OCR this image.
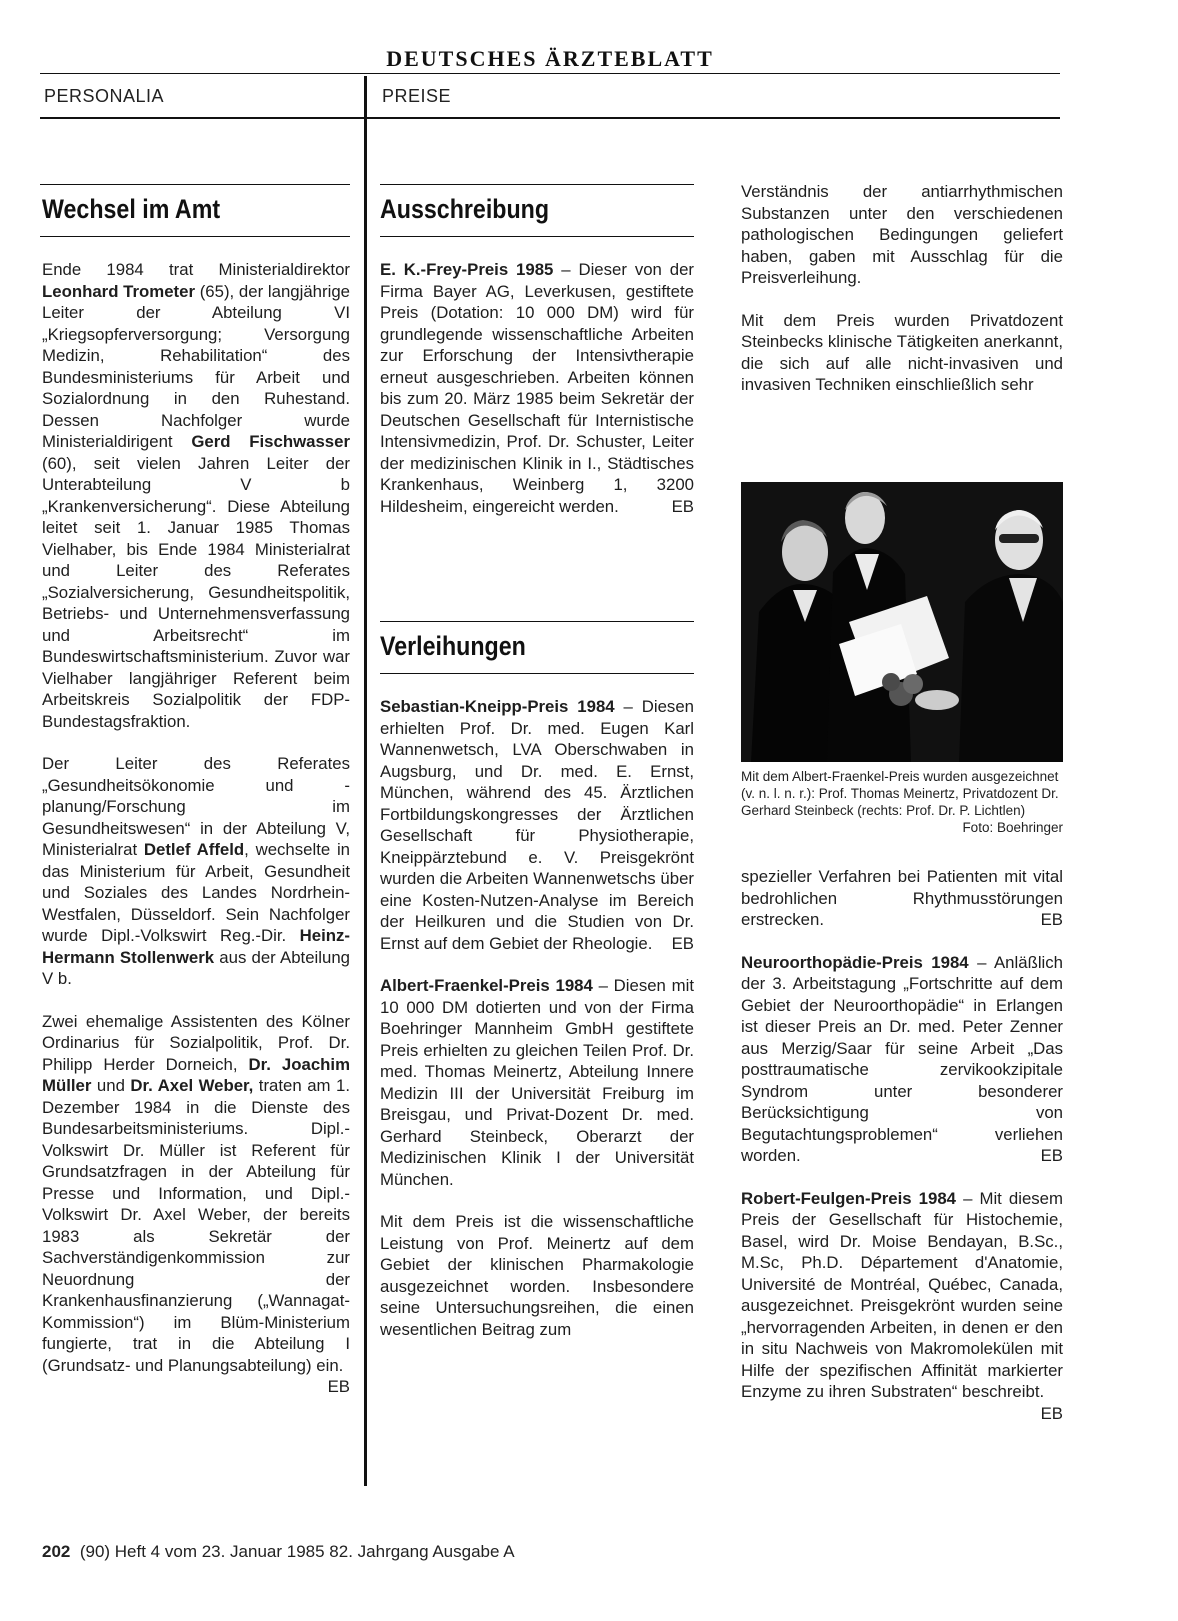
DEUTSCHES ÄRZTEBLATT
PERSONALIA	PREISE
Wechsel im Amt

Ende 1984 trat Ministerialdirektor Leonhard Trometer (65), der langjährige Leiter der Abteilung VI „Kriegsopferversorgung; Versorgung Medizin, Rehabilitation“ des Bundesministeriums für Arbeit und Sozialordnung in den Ruhestand. Dessen Nachfolger wurde Ministerialdirigent Gerd Fischwasser (60), seit vielen Jahren Leiter der Unterabteilung V b „Krankenversicherung“. Diese Abteilung leitet seit 1. Januar 1985 Thomas Vielhaber, bis Ende 1984 Ministerialrat und Leiter des Referates „Sozialversicherung, Gesundheitspolitik, Betriebs- und Unternehmensverfassung und Arbeitsrecht“ im Bundeswirtschaftsministerium. Zuvor war Vielhaber langjähriger Referent beim Arbeitskreis Sozialpolitik der FDP-Bundestagsfraktion.

Der Leiter des Referates „Gesundheitsökonomie und -planung/Forschung im Gesundheitswesen“ in der Abteilung V, Ministerialrat Detlef Affeld, wechselte in das Ministerium für Arbeit, Gesundheit und Soziales des Landes Nordrhein-Westfalen, Düsseldorf. Sein Nachfolger wurde Dipl.-Volkswirt Reg.-Dir. Heinz-Hermann Stollenwerk aus der Abteilung V b.

Zwei ehemalige Assistenten des Kölner Ordinarius für Sozialpolitik, Prof. Dr. Philipp Herder Dorneich, Dr. Joachim Müller und Dr. Axel Weber, traten am 1. Dezember 1984 in die Dienste des Bundesarbeitsministeriums. Dipl.-Volkswirt Dr. Müller ist Referent für Grundsatzfragen in der Abteilung für Presse und Information, und Dipl.-Volkswirt Dr. Axel Weber, der bereits 1983 als Sekretär der Sachverständigenkommission zur Neuordnung der Krankenhausfinanzierung („Wannagat-Kommission“) im Blüm-Ministerium fungierte, trat in die Abteilung I (Grundsatz- und Planungsabteilung) ein.
EB

Ausschreibung

E. K.-Frey-Preis 1985 – Dieser von der Firma Bayer AG, Leverkusen, gestiftete Preis (Dotation: 10 000 DM) wird für grundlegende wissenschaftliche Arbeiten zur Erforschung der Intensivtherapie erneut ausgeschrieben. Arbeiten können bis zum 20. März 1985 beim Sekretär der Deutschen Gesellschaft für Internistische Intensivmedizin, Prof. Dr. Schuster, Leiter der medizinischen Klinik in I., Städtisches Krankenhaus, Weinberg 1, 3200 Hildesheim, eingereicht werden.	EB

Verleihungen

Sebastian-Kneipp-Preis 1984 – Diesen erhielten Prof. Dr. med. Eugen Karl Wannenwetsch, LVA Oberschwaben in Augsburg, und Dr. med. E. Ernst, München, während des 45. Ärztlichen Fortbildungskongresses der Ärztlichen Gesellschaft für Physiotherapie, Kneippärztebund e. V. Preisgekrönt wurden die Arbeiten Wannenwetschs über eine Kosten-Nutzen-Analyse im Bereich der Heilkuren und die Studien von Dr. Ernst auf dem Gebiet der Rheologie. EB

Albert-Fraenkel-Preis 1984 – Diesen mit 10 000 DM dotierten und von der Firma Boehringer Mannheim GmbH gestiftete Preis erhielten zu gleichen Teilen Prof. Dr. med. Thomas Meinertz, Abteilung Innere Medizin III der Universität Freiburg im Breisgau, und Privat-Dozent Dr. med. Gerhard Steinbeck, Oberarzt der Medizinischen Klinik I der Universität München.

Mit dem Preis ist die wissenschaftliche Leistung von Prof. Meinertz auf dem Gebiet der klinischen Pharmakologie ausgezeichnet worden. Insbesondere seine Untersuchungsreihen, die einen wesentlichen Beitrag zum

Verständnis der antiarrhythmischen Substanzen unter den verschiedenen pathologischen Bedingungen geliefert haben, gaben mit Ausschlag für die Preisverleihung.

Mit dem Preis wurden Privatdozent Steinbecks klinische Tätigkeiten anerkannt, die sich auf alle nicht-invasiven und invasiven Techniken einschließlich sehr

Mit dem Albert-Fraenkel-Preis wurden ausgezeichnet (v. n. l. n. r.): Prof. Thomas Meinertz, Privatdozent Dr. Gerhard Steinbeck (rechts: Prof. Dr. P. Lichtlen)
Foto: Boehringer

spezieller Verfahren bei Patienten mit vital bedrohlichen Rhythmusstörungen erstrecken.	EB

Neuroorthopädie-Preis 1984 – Anläßlich der 3. Arbeitstagung „Fortschritte auf dem Gebiet der Neuroorthopädie“ in Erlangen ist dieser Preis an Dr. med. Peter Zenner aus Merzig/Saar für seine Arbeit „Das posttraumatische zervikookzipitale Syndrom unter besonderer Berücksichtigung von Begutachtungsproblemen“ verliehen worden.	EB

Robert-Feulgen-Preis 1984 – Mit diesem Preis der Gesellschaft für Histochemie, Basel, wird Dr. Moise Bendayan, B.Sc., M.Sc, Ph.D. Département d'Anatomie, Université de Montréal, Québec, Canada, ausgezeichnet. Preisgekrönt wurden seine „hervorragenden Arbeiten, in denen er den in situ Nachweis von Makromolekülen mit Hilfe der spezifischen Affinität markierter Enzyme zu ihren Substraten“ beschreibt.
EB

202 (90) Heft 4 vom 23. Januar 1985 82. Jahrgang Ausgabe A
